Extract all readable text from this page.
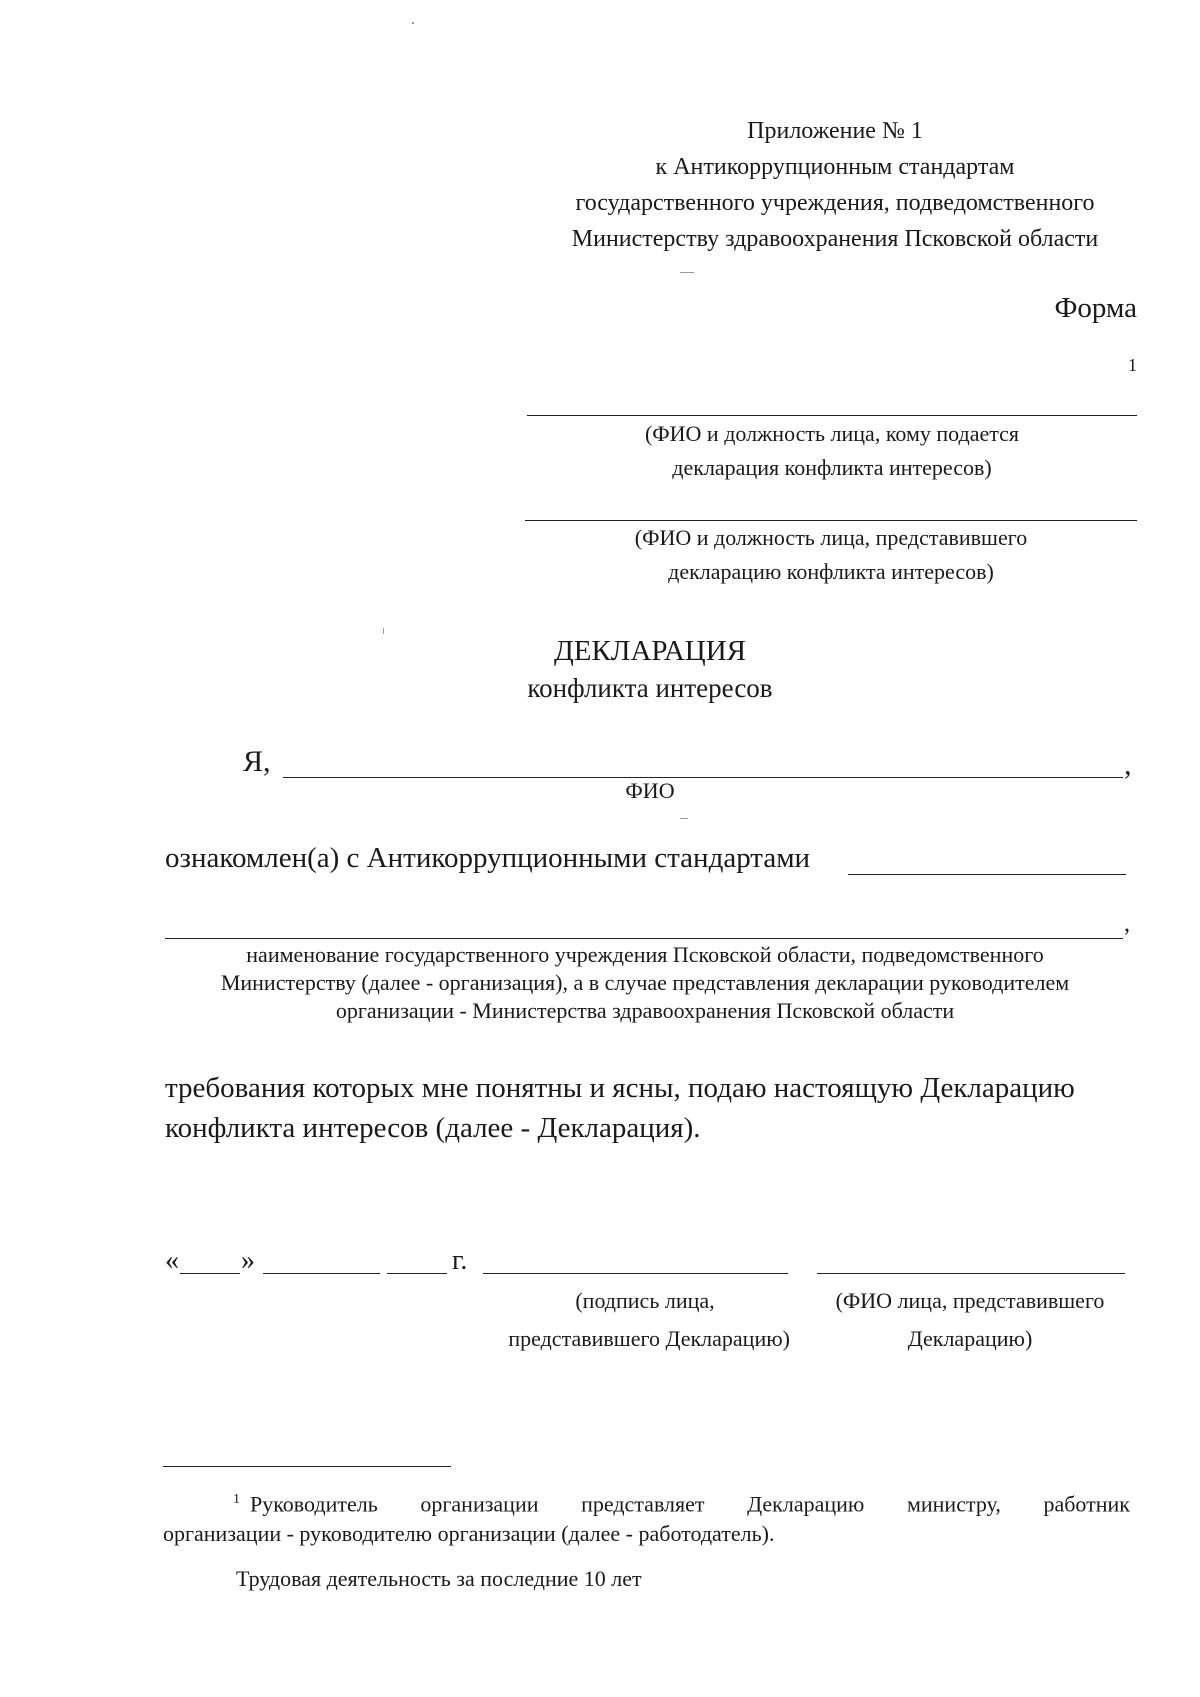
Приложение № 1
к Антикоррупционным стандартам
государственного учреждения, подведомственного
Министерству здравоохранения Псковской области
Форма
1
(ФИО и должность лица, кому подается
декларация конфликта интересов)
(ФИО и должность лица, представившего
декларацию конфликта интересов)
ДЕКЛАРАЦИЯ
конфликта интересов
Я,	,
ФИО
ознакомлен(а) с Антикоррупционными стандартами
,
наименование государственного учреждения Псковской области, подведомственного
Министерству (далее - организация), а в случае представления декларации руководителем
организации - Министерства здравоохранения Псковской области
требования которых мне понятны и ясны, подаю настоящую Декларацию
конфликта интересов (далее - Декларация).
« »	г.
(подпись лица,
представившего Декларацию)
(ФИО лица, представившего
Декларацию)
$^1$ Руководитель организации представляет Декларацию министру, работник
организации - руководителю организации (далее - работодатель).
Трудовая деятельность за последние 10 лет
